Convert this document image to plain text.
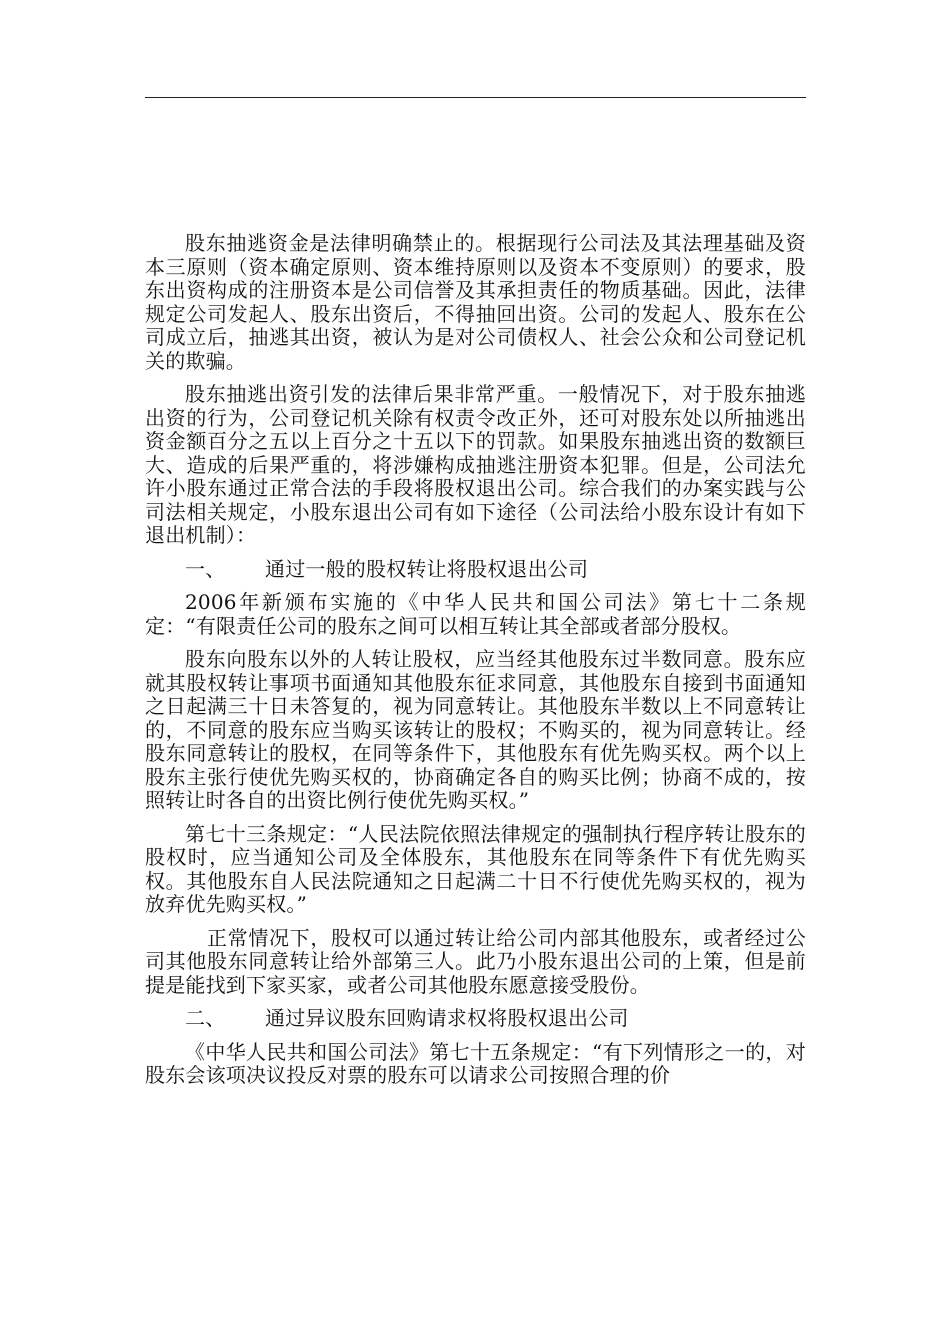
股东抽逃资金是法律明确禁止的。根据现行公司法及其法理基础及资本三原则（资本确定原则、资本维持原则以及资本不变原则）的要求，股东出资构成的注册资本是公司信誉及其承担责任的物质基础。因此，法律规定公司发起人、股东出资后，不得抽回出资。公司的发起人、股东在公司成立后，抽逃其出资，被认为是对公司债权人、社会公众和公司登记机关的欺骗。

股东抽逃出资引发的法律后果非常严重。一般情况下，对于股东抽逃出资的行为，公司登记机关除有权责令改正外，还可对股东处以所抽逃出资金额百分之五以上百分之十五以下的罚款。如果股东抽逃出资的数额巨大、造成的后果严重的，将涉嫌构成抽逃注册资本犯罪。但是，公司法允许小股东通过正常合法的手段将股权退出公司。综合我们的办案实践与公司法相关规定，小股东退出公司有如下途径（公司法给小股东设计有如下退出机制）：

一、 通过一般的股权转让将股权退出公司

2006年新颁布实施的《中华人民共和国公司法》第七十二条规定：“有限责任公司的股东之间可以相互转让其全部或者部分股权。

股东向股东以外的人转让股权，应当经其他股东过半数同意。股东应就其股权转让事项书面通知其他股东征求同意，其他股东自接到书面通知之日起满三十日未答复的，视为同意转让。其他股东半数以上不同意转让的，不同意的股东应当购买该转让的股权；不购买的，视为同意转让。经股东同意转让的股权，在同等条件下，其他股东有优先购买权。两个以上股东主张行使优先购买权的，协商确定各自的购买比例；协商不成的，按照转让时各自的出资比例行使优先购买权。”

第七十三条规定：“人民法院依照法律规定的强制执行程序转让股东的股权时，应当通知公司及全体股东，其他股东在同等条件下有优先购买权。其他股东自人民法院通知之日起满二十日不行使优先购买权的，视为放弃优先购买权。”

正常情况下，股权可以通过转让给公司内部其他股东，或者经过公司其他股东同意转让给外部第三人。此乃小股东退出公司的上策，但是前提是能找到下家买家，或者公司其他股东愿意接受股份。

二、 通过异议股东回购请求权将股权退出公司

《中华人民共和国公司法》第七十五条规定：“有下列情形之一的，对股东会该项决议投反对票的股东可以请求公司按照合理的价
